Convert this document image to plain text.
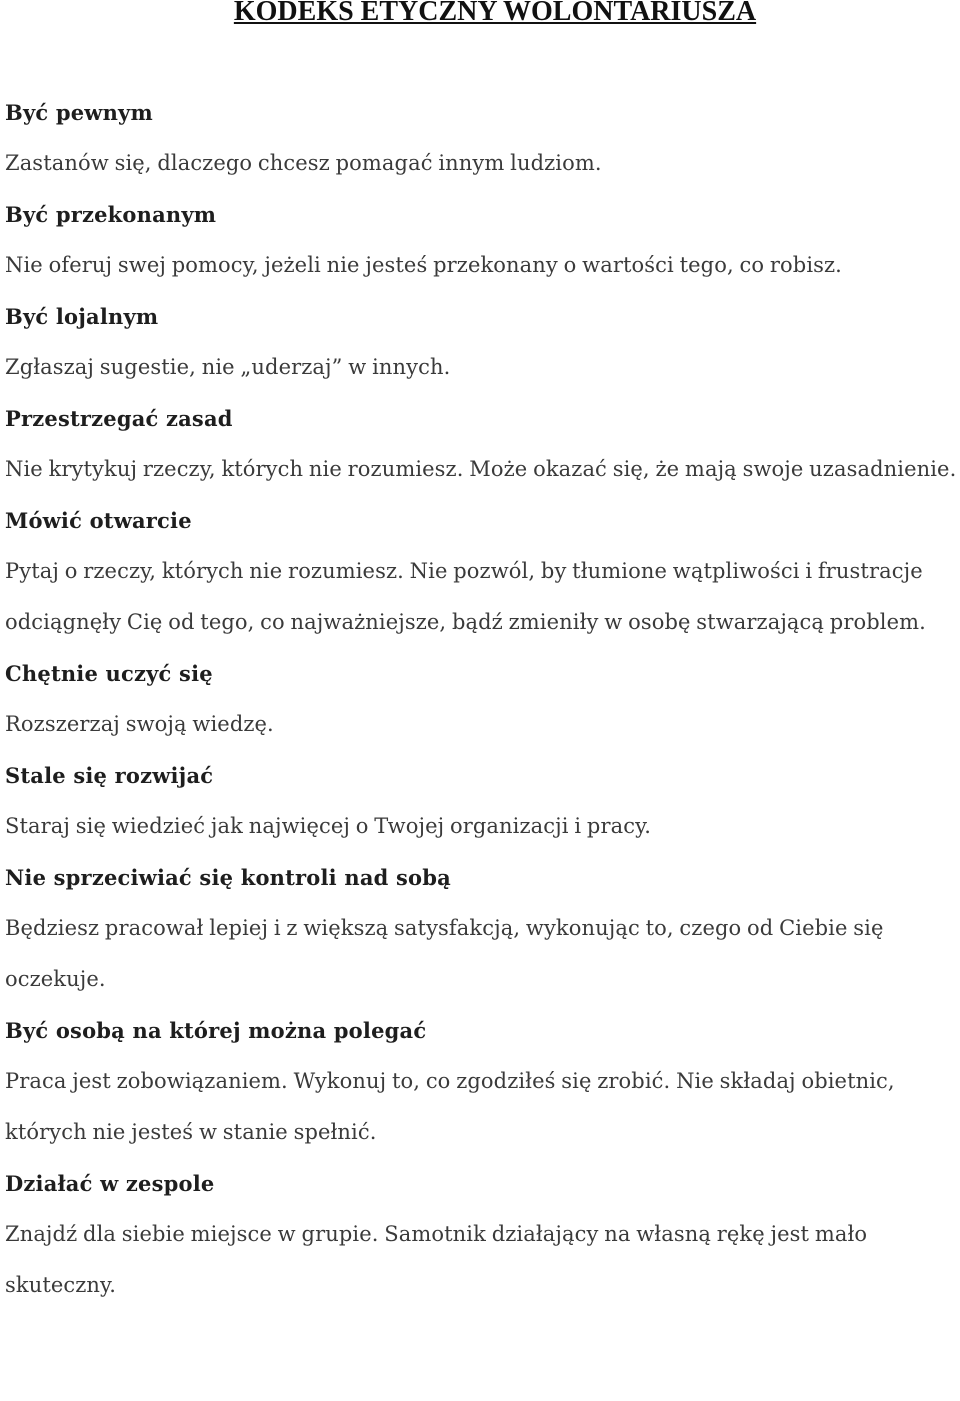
KODEKS ETYCZNY WOLONTARIUSZA

Być pewnym

Zastanów się, dlaczego chcesz pomagać innym ludziom.

Być przekonanym

Nie oferuj swej pomocy, jeżeli nie jesteś przekonany o wartości tego, co robisz.

Być lojalnym

Zgłaszaj sugestie, nie „uderzaj” w innych.

Przestrzegać zasad

Nie krytykuj rzeczy, których nie rozumiesz. Może okazać się, że mają swoje uzasadnienie.

Mówić otwarcie

Pytaj o rzeczy, których nie rozumiesz. Nie pozwól, by tłumione wątpliwości i frustracje odciągnęły Cię od tego, co najważniejsze, bądź zmieniły w osobę stwarzającą problem.

Chętnie uczyć się

Rozszerzaj swoją wiedzę.

Stale się rozwijać

Staraj się wiedzieć jak najwięcej o Twojej organizacji i pracy.

Nie sprzeciwiać się kontroli nad sobą

Będziesz pracował lepiej i z większą satysfakcją, wykonując to, czego od Ciebie się oczekuje.

Być osobą na której można polegać

Praca jest zobowiązaniem. Wykonuj to, co zgodziłeś się zrobić. Nie składaj obietnic, których nie jesteś w stanie spełnić.

Działać w zespole

Znajdź dla siebie miejsce w grupie. Samotnik działający na własną rękę jest mało skuteczny.
